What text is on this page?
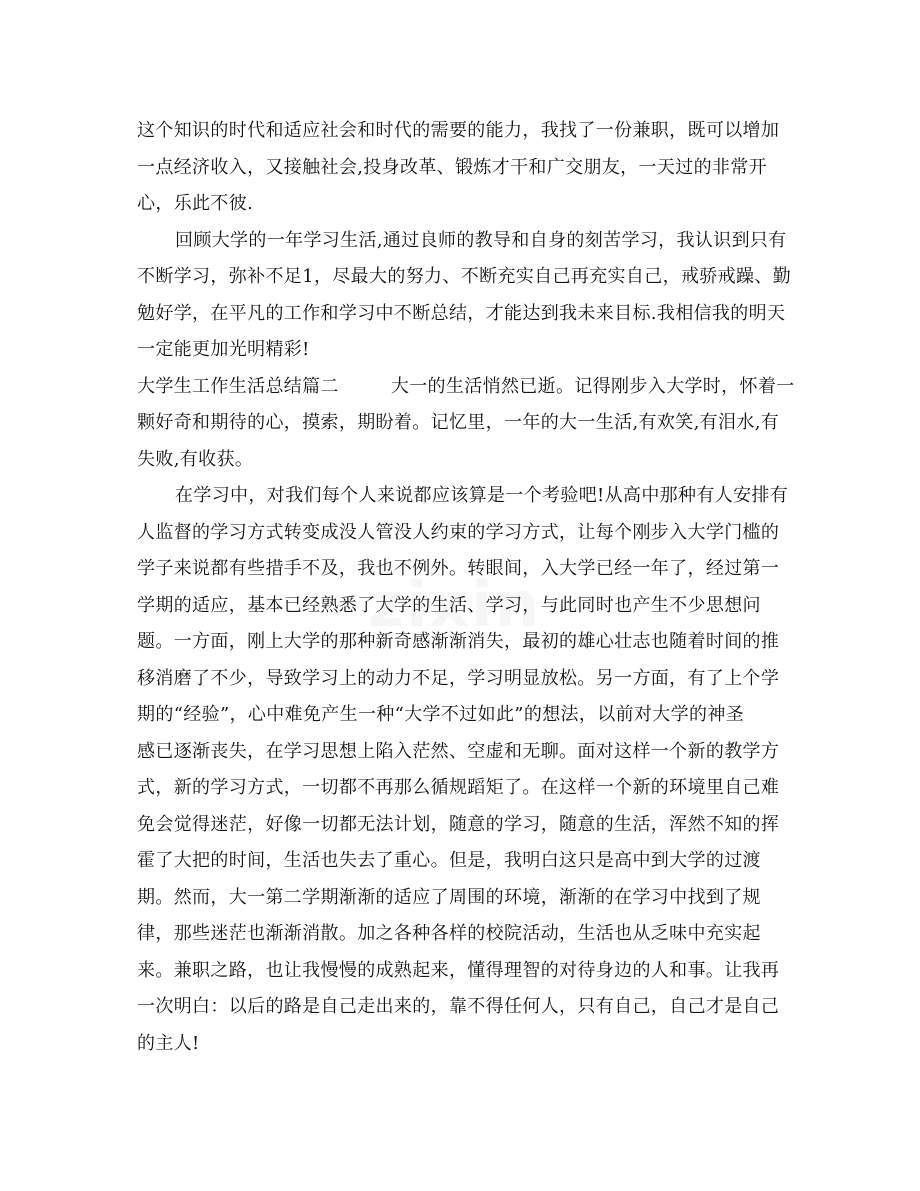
zixin
这个知识的时代和适应社会和时代的需要的能力，我找了一份兼职，既可以增加
一点经济收入，又接触社会,投身改革、锻炼才干和广交朋友，一天过的非常开
心，乐此不彼.
回顾大学的一年学习生活,通过良师的教导和自身的刻苦学习，我认识到只有
不断学习，弥补不足1，尽最大的努力、不断充实自己再充实自己，戒骄戒躁、勤
勉好学，在平凡的工作和学习中不断总结，才能达到我未来目标.我相信我的明天
一定能更加光明精彩!
大学生工作生活总结篇二	大一的生活悄然已逝。记得刚步入大学时，怀着一
颗好奇和期待的心，摸索，期盼着。记忆里，一年的大一生活,有欢笑,有泪水,有
失败,有收获。
在学习中，对我们每个人来说都应该算是一个考验吧!从高中那种有人安排有
人监督的学习方式转变成没人管没人约束的学习方式，让每个刚步入大学门槛的
学子来说都有些措手不及，我也不例外。转眼间，入大学已经一年了，经过第一
学期的适应，基本已经熟悉了大学的生活、学习，与此同时也产生不少思想问
题。一方面，刚上大学的那种新奇感渐渐消失，最初的雄心壮志也随着时间的推
移消磨了不少，导致学习上的动力不足，学习明显放松。另一方面，有了上个学
期的“经验”，心中难免产生一种“大学不过如此”的想法，以前对大学的神圣
感已逐渐丧失，在学习思想上陷入茫然、空虚和无聊。面对这样一个新的教学方
式，新的学习方式，一切都不再那么循规蹈矩了。在这样一个新的环境里自己难
免会觉得迷茫，好像一切都无法计划，随意的学习，随意的生活，浑然不知的挥
霍了大把的时间，生活也失去了重心。但是，我明白这只是高中到大学的过渡
期。然而，大一第二学期渐渐的适应了周围的环境，渐渐的在学习中找到了规
律，那些迷茫也渐渐消散。加之各种各样的校院活动，生活也从乏味中充实起
来。兼职之路，也让我慢慢的成熟起来，懂得理智的对待身边的人和事。让我再
一次明白：以后的路是自己走出来的，靠不得任何人，只有自己，自己才是自己
的主人!
